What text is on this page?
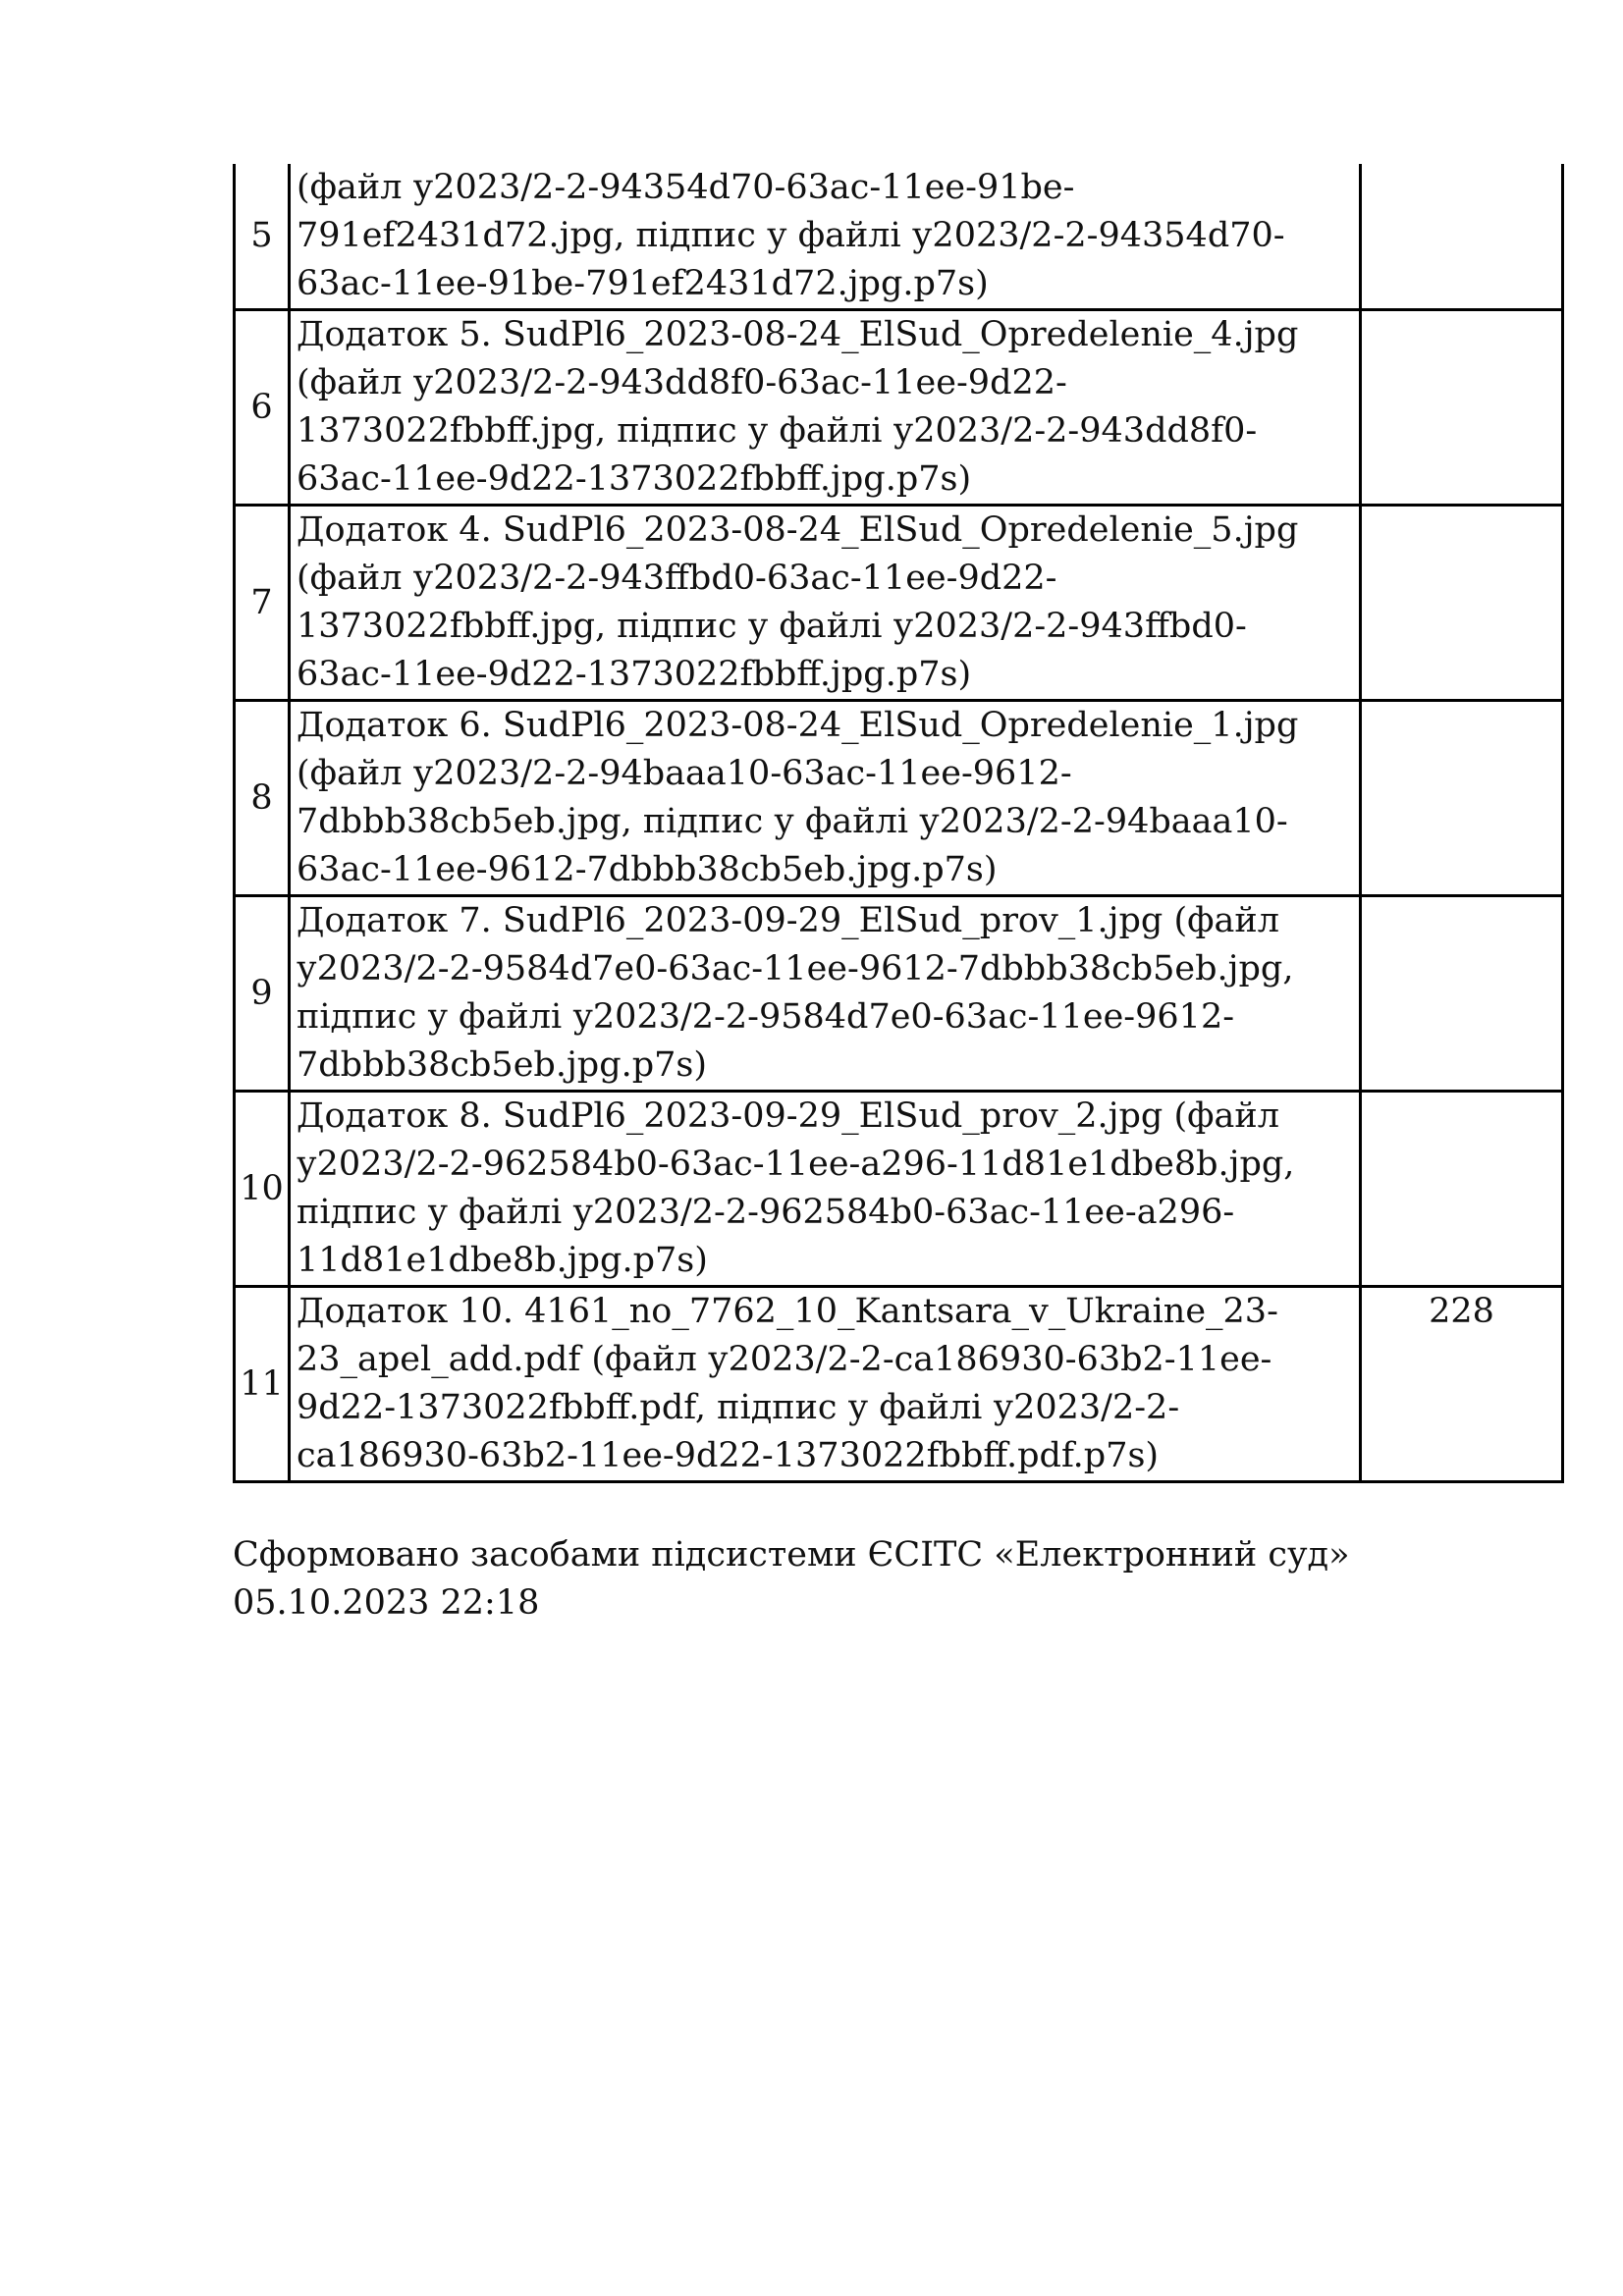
5	(файл у2023/2-2-94354d70-63ac-11ee-91be-
791ef2431d72.jpg, підпис у файлі у2023/2-2-94354d70-
63ac-11ee-91be-791ef2431d72.jpg.p7s)	

6	Додаток 5. SudPl6_2023-08-24_ElSud_Opredelenie_4.jpg
(файл у2023/2-2-943dd8f0-63ac-11ee-9d22-
1373022fbbff.jpg, підпис у файлі у2023/2-2-943dd8f0-
63ac-11ee-9d22-1373022fbbff.jpg.p7s)	

7	Додаток 4. SudPl6_2023-08-24_ElSud_Opredelenie_5.jpg
(файл у2023/2-2-943ffbd0-63ac-11ee-9d22-
1373022fbbff.jpg, підпис у файлі у2023/2-2-943ffbd0-
63ac-11ee-9d22-1373022fbbff.jpg.p7s)	

8	Додаток 6. SudPl6_2023-08-24_ElSud_Opredelenie_1.jpg
(файл у2023/2-2-94baaa10-63ac-11ee-9612-
7dbbb38cb5eb.jpg, підпис у файлі у2023/2-2-94baaa10-
63ac-11ee-9612-7dbbb38cb5eb.jpg.p7s)	

9	Додаток 7. SudPl6_2023-09-29_ElSud_prov_1.jpg (файл
у2023/2-2-9584d7e0-63ac-11ee-9612-7dbbb38cb5eb.jpg,
підпис у файлі у2023/2-2-9584d7e0-63ac-11ee-9612-
7dbbb38cb5eb.jpg.p7s)	

10	Додаток 8. SudPl6_2023-09-29_ElSud_prov_2.jpg (файл
у2023/2-2-962584b0-63ac-11ee-a296-11d81e1dbe8b.jpg,
підпис у файлі у2023/2-2-962584b0-63ac-11ee-a296-
11d81e1dbe8b.jpg.p7s)	

11	Додаток 10. 4161_no_7762_10_Kantsara_v_Ukraine_23-
23_apel_add.pdf (файл у2023/2-2-ca186930-63b2-11ee-
9d22-1373022fbbff.pdf, підпис у файлі у2023/2-2-
ca186930-63b2-11ee-9d22-1373022fbbff.pdf.p7s)	228
Сформовано засобами підсистеми ЄСІТС «Електронний суд»
05.10.2023 22:18
